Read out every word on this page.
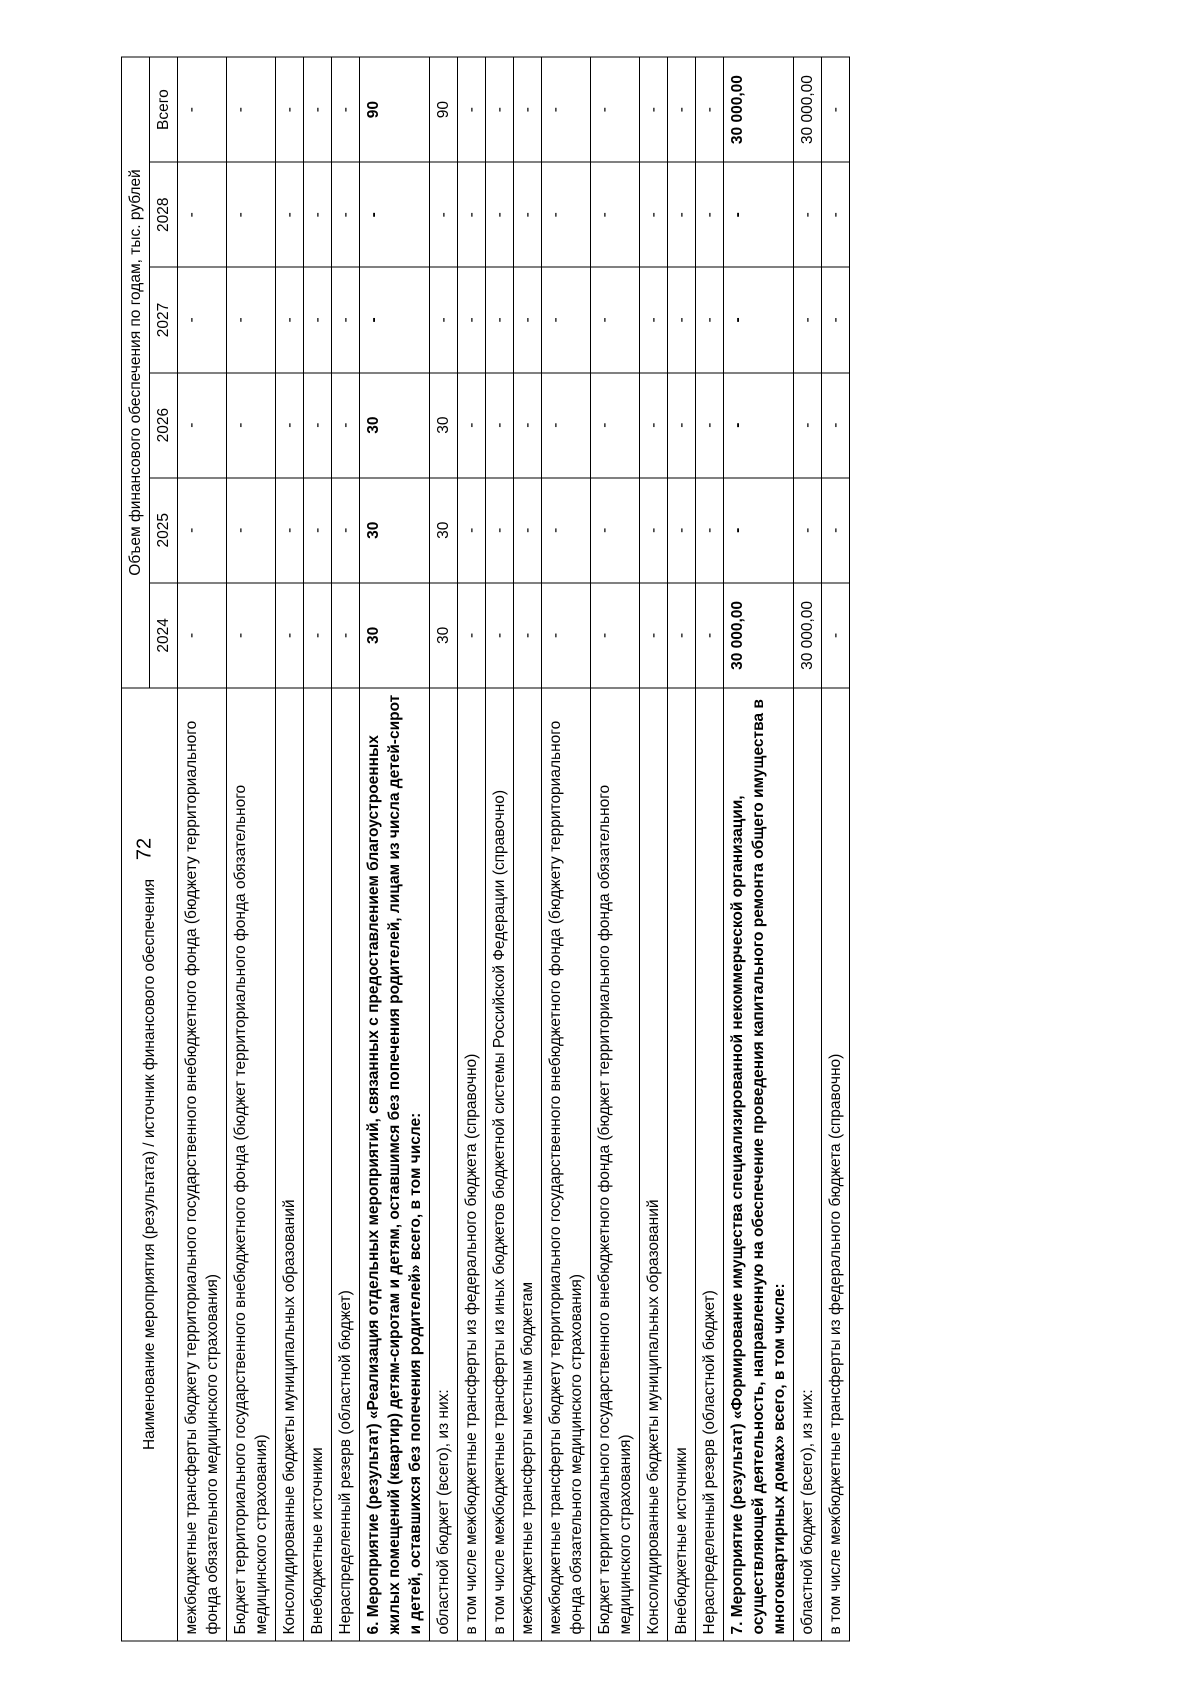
72
Наименование мероприятия (результата) / источник финансового обеспечения	Объем финансового обеспечения по годам, тыс. рублей					
	2024	2025	2026	2027	2028	Всего
межбюджетные трансферты бюджету территориального государственного внебюджетного фонда (бюджету территориального фонда обязательного медицинского страхования)	-	-	-	-	-	-
Бюджет территориального государственного внебюджетного фонда (бюджет территориального фонда обязательного медицинского страхования)	-	-	-	-	-	-
Консолидированные бюджеты муниципальных образований	-	-	-	-	-	-
Внебюджетные источники	-	-	-	-	-	-
Нераспределенный резерв (областной бюджет)	-	-	-	-	-	-
6. Мероприятие (результат) «Реализация отдельных мероприятий, связанных с предоставлением благоустроенных жилых помещений (квартир) детям-сиротам и детям, оставшимся без попечения родителей, лицам из числа детей-сирот и детей, оставшихся без попечения родителей» всего, в том числе:	30	30	30	-	-	90
областной бюджет (всего), из них:	30	30	30	-	-	90
в том числе межбюджетные трансферты из федерального бюджета (справочно)	-	-	-	-	-	-
в том числе межбюджетные трансферты из иных бюджетов бюджетной системы Российской Федерации (справочно)	-	-	-	-	-	-
межбюджетные трансферты местным бюджетам	-	-	-	-	-	-
межбюджетные трансферты бюджету территориального государственного внебюджетного фонда (бюджету территориального фонда обязательного медицинского страхования)	-	-	-	-	-	-
Бюджет территориального государственного внебюджетного фонда (бюджет территориального фонда обязательного медицинского страхования)	-	-	-	-	-	-
Консолидированные бюджеты муниципальных образований	-	-	-	-	-	-
Внебюджетные источники	-	-	-	-	-	-
Нераспределенный резерв (областной бюджет)	-	-	-	-	-	-
7. Мероприятие (результат) «Формирование имущества специализированной некоммерческой организации, осуществляющей деятельность, направленную на обеспечение проведения капитального ремонта общего имущества в многоквартирных домах» всего, в том числе:	30 000,00	-	-	-	-	30 000,00
областной бюджет (всего), из них:	30 000,00	-	-	-	-	30 000,00
в том числе межбюджетные трансферты из федерального бюджета (справочно)	-	-	-	-	-	-
